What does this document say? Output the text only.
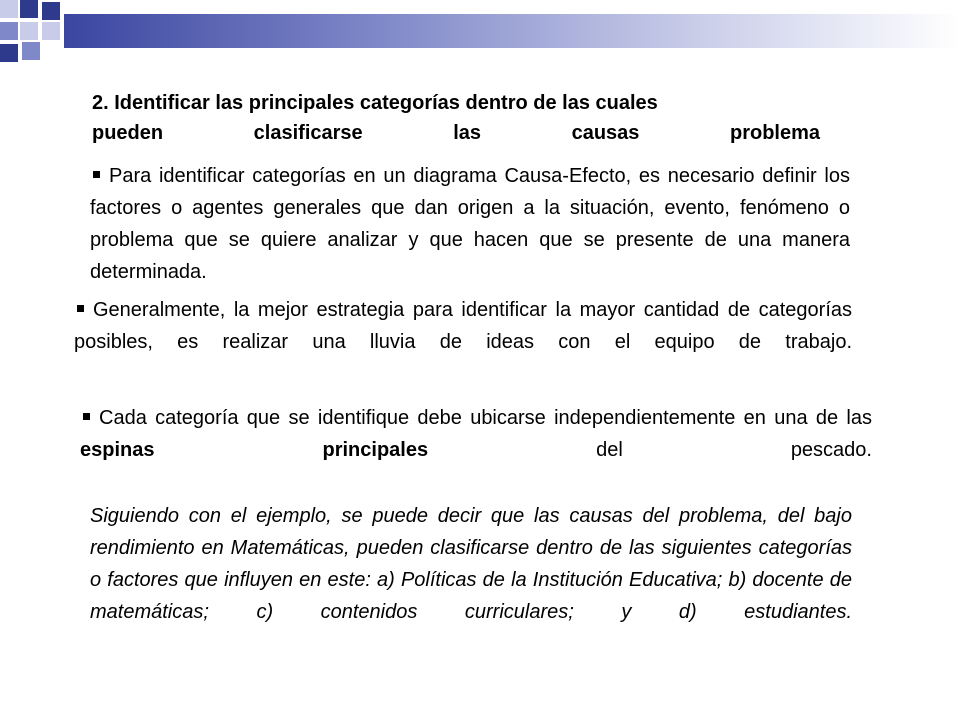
2. Identificar las principales categorías dentro de las cuales
pueden clasificarse las causas problema

Para identificar categorías en un diagrama Causa-Efecto, es necesario definir los factores o agentes generales que dan origen a la situación, evento, fenómeno o problema que se quiere analizar y que hacen que se presente de una manera determinada.

Generalmente, la mejor estrategia para identificar la mayor cantidad de categorías posibles, es realizar una lluvia de ideas con el equipo de trabajo.

Cada categoría que se identifique debe ubicarse independientemente en una de las espinas principales del pescado.

Siguiendo con el ejemplo, se puede decir que las causas del problema, del bajo rendimiento en Matemáticas, pueden clasificarse dentro de las siguientes categorías o factores que influyen en este: a) Políticas de la Institución Educativa; b) docente de matemáticas; c) contenidos curriculares; y d) estudiantes.
